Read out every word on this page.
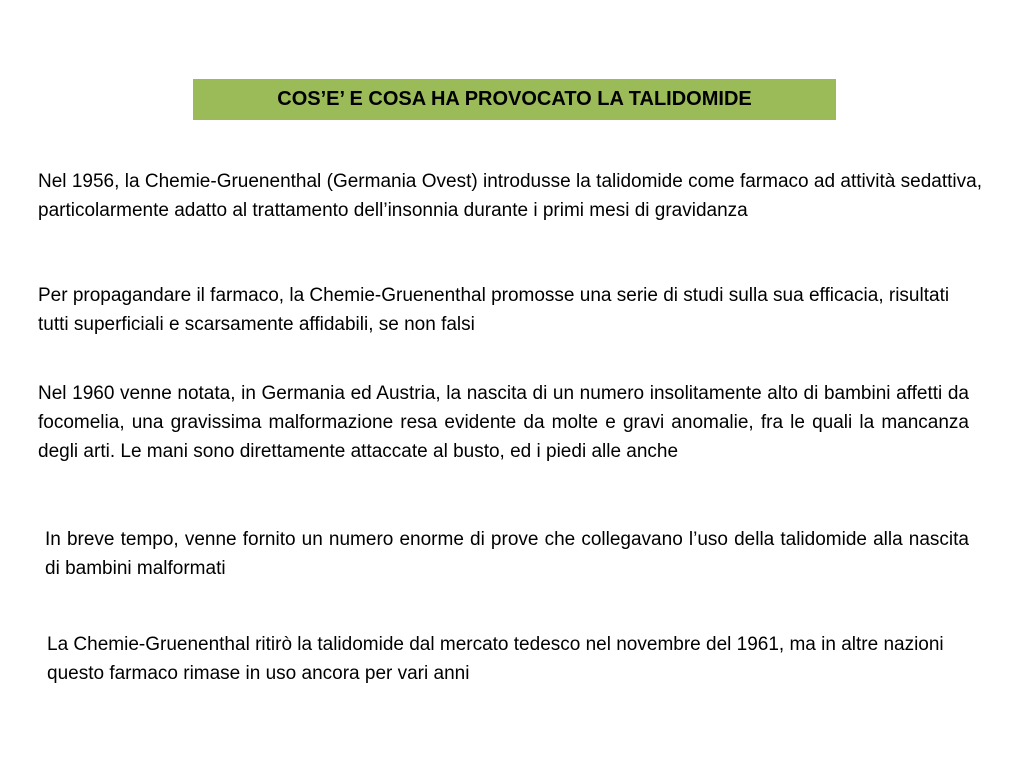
COS’E’ E COSA HA PROVOCATO LA TALIDOMIDE

Nel 1956, la Chemie-Gruenenthal (Germania Ovest) introdusse la talidomide come farmaco ad attività sedattiva, particolarmente adatto al trattamento dell’insonnia durante i primi mesi di gravidanza

Per propagandare il farmaco, la Chemie-Gruenenthal promosse una serie di studi sulla sua efficacia, risultati tutti superficiali e scarsamente affidabili, se non falsi

Nel 1960 venne notata, in Germania ed Austria, la nascita di un numero insolitamente alto di bambini affetti da focomelia, una gravissima malformazione resa evidente da molte e gravi anomalie, fra le quali la mancanza degli arti. Le mani sono direttamente attaccate al busto, ed i piedi alle anche

In breve tempo, venne fornito un numero enorme di prove che collegavano l’uso della talidomide alla nascita di bambini malformati

La Chemie-Gruenenthal ritirò la talidomide dal mercato tedesco nel novembre del 1961, ma in altre nazioni questo farmaco rimase in uso ancora per vari anni
